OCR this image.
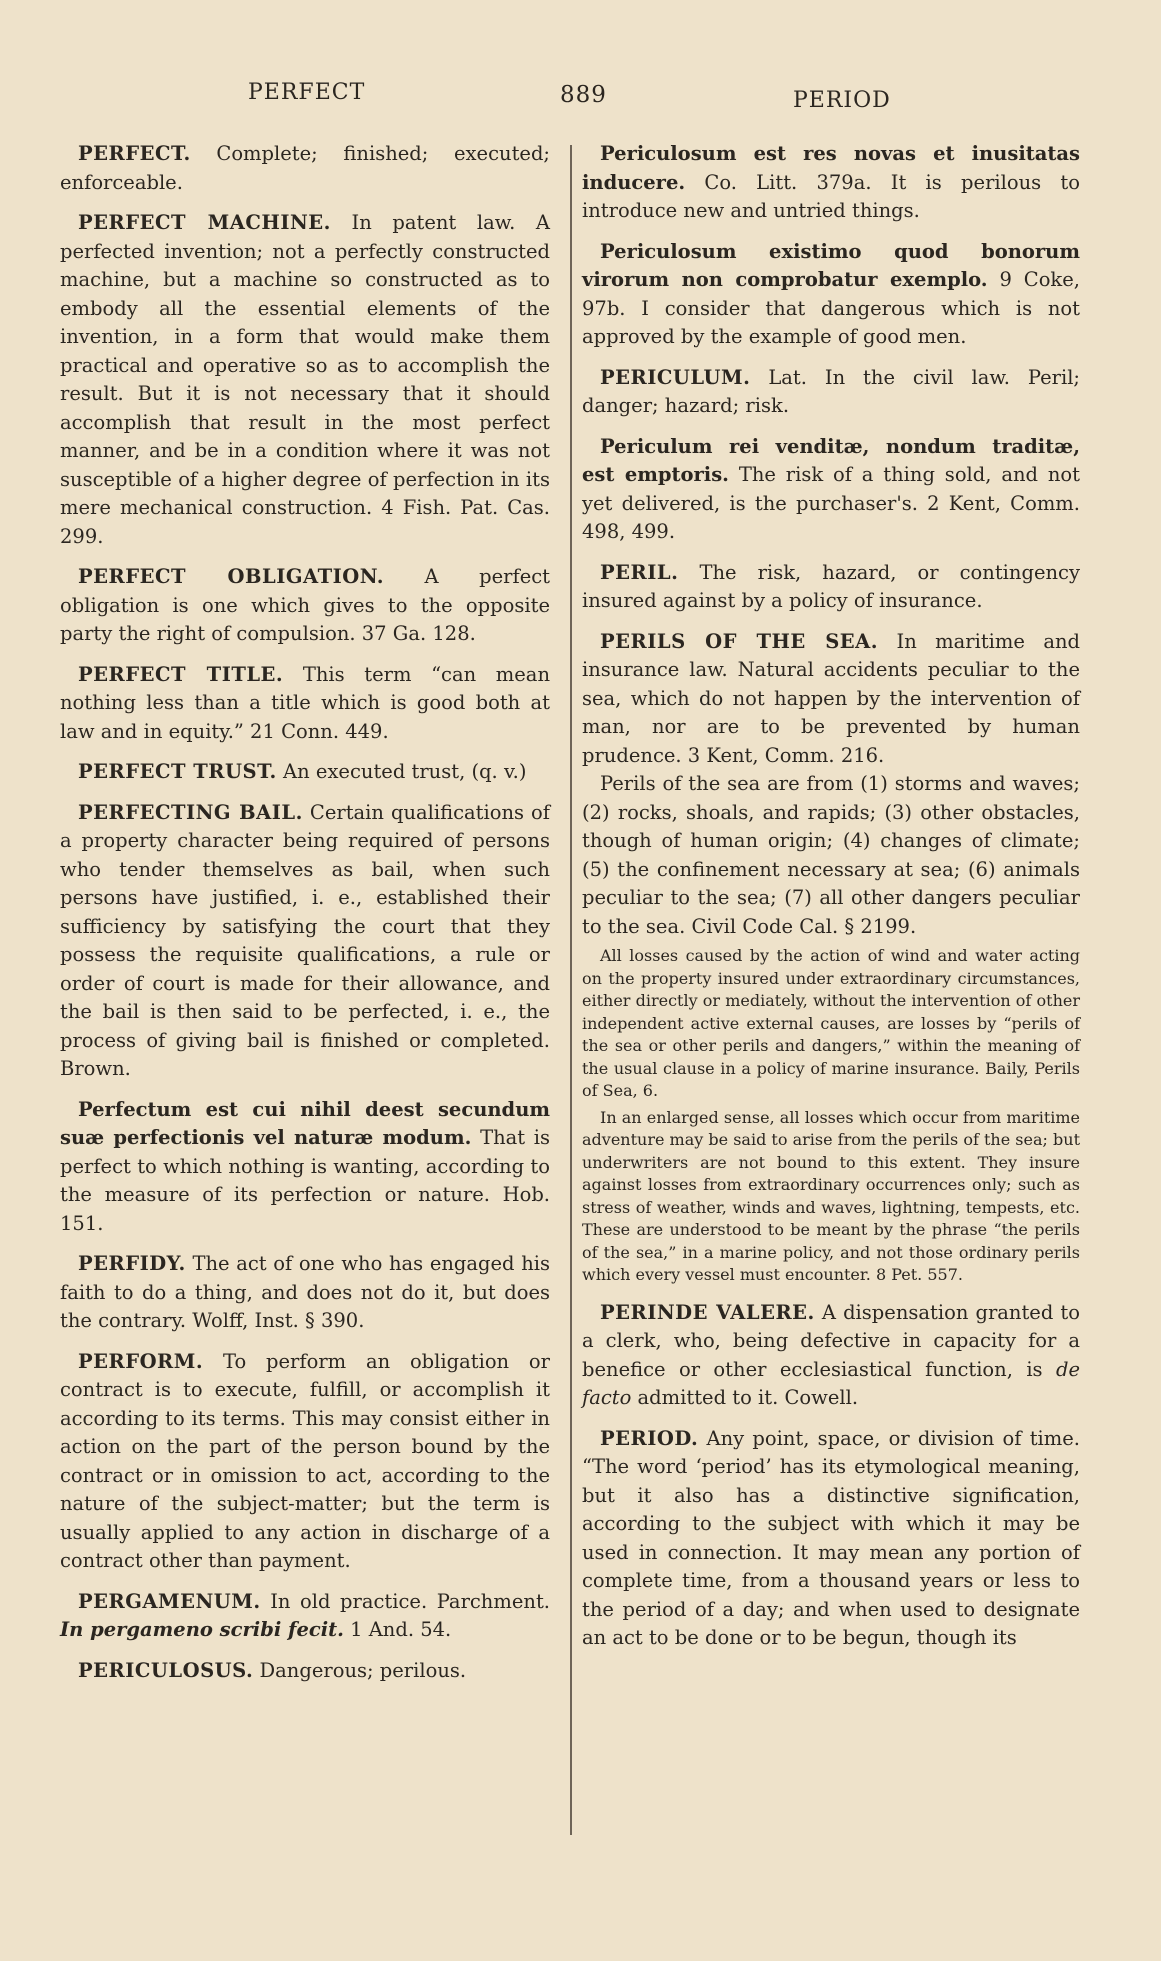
PERFECT	889	PERIOD
PERFECT. Complete; finished; executed; enforceable.
PERFECT MACHINE. In patent law. A perfected invention; not a perfectly constructed machine, but a machine so constructed as to embody all the essential elements of the invention, in a form that would make them practical and operative so as to accomplish the result. But it is not necessary that it should accomplish that result in the most perfect manner, and be in a condition where it was not susceptible of a higher degree of perfection in its mere mechanical construction. 4 Fish. Pat. Cas. 299.
PERFECT OBLIGATION. A perfect obligation is one which gives to the opposite party the right of compulsion. 37 Ga. 128.
PERFECT TITLE. This term “can mean nothing less than a title which is good both at law and in equity.” 21 Conn. 449.
PERFECT TRUST. An executed trust, (q. v.)
PERFECTING BAIL. Certain qualifications of a property character being required of persons who tender themselves as bail, when such persons have justified, i. e., established their sufficiency by satisfying the court that they possess the requisite qualifications, a rule or order of court is made for their allowance, and the bail is then said to be perfected, i. e., the process of giving bail is finished or completed. Brown.
Perfectum est cui nihil deest secundum suæ perfectionis vel naturæ modum. That is perfect to which nothing is wanting, according to the measure of its perfection or nature. Hob. 151.
PERFIDY. The act of one who has engaged his faith to do a thing, and does not do it, but does the contrary. Wolff, Inst. § 390.
PERFORM. To perform an obligation or contract is to execute, fulfill, or accomplish it according to its terms. This may consist either in action on the part of the person bound by the contract or in omission to act, according to the nature of the subject-matter; but the term is usually applied to any action in discharge of a contract other than payment.
PERGAMENUM. In old practice. Parchment. In pergameno scribi fecit. 1 And. 54.
PERICULOSUS. Dangerous; perilous.
Periculosum est res novas et inusitatas inducere. Co. Litt. 379a. It is perilous to introduce new and untried things.
Periculosum existimo quod bonorum virorum non comprobatur exemplo. 9 Coke, 97b. I consider that dangerous which is not approved by the example of good men.
PERICULUM. Lat. In the civil law. Peril; danger; hazard; risk.
Periculum rei venditæ, nondum traditæ, est emptoris. The risk of a thing sold, and not yet delivered, is the purchaser's. 2 Kent, Comm. 498, 499.
PERIL. The risk, hazard, or contingency insured against by a policy of insurance.
PERILS OF THE SEA. In maritime and insurance law. Natural accidents peculiar to the sea, which do not happen by the intervention of man, nor are to be prevented by human prudence. 3 Kent, Comm. 216.

Perils of the sea are from (1) storms and waves; (2) rocks, shoals, and rapids; (3) other obstacles, though of human origin; (4) changes of climate; (5) the confinement necessary at sea; (6) animals peculiar to the sea; (7) all other dangers peculiar to the sea. Civil Code Cal. § 2199.

All losses caused by the action of wind and water acting on the property insured under extraordinary circumstances, either directly or mediately, without the intervention of other independent active external causes, are losses by “perils of the sea or other perils and dangers,” within the meaning of the usual clause in a policy of marine insurance. Baily, Perils of Sea, 6.
In an enlarged sense, all losses which occur from maritime adventure may be said to arise from the perils of the sea; but underwriters are not bound to this extent. They insure against losses from extraordinary occurrences only; such as stress of weather, winds and waves, lightning, tempests, etc. These are understood to be meant by the phrase “the perils of the sea,” in a marine policy, and not those ordinary perils which every vessel must encounter. 8 Pet. 557.
PERINDE VALERE. A dispensation granted to a clerk, who, being defective in capacity for a benefice or other ecclesiastical function, is de facto admitted to it. Cowell.
PERIOD. Any point, space, or division of time. “The word ‘period’ has its etymological meaning, but it also has a distinctive signification, according to the subject with which it may be used in connection. It may mean any portion of complete time, from a thousand years or less to the period of a day; and when used to designate an act to be done or to be begun, though its
